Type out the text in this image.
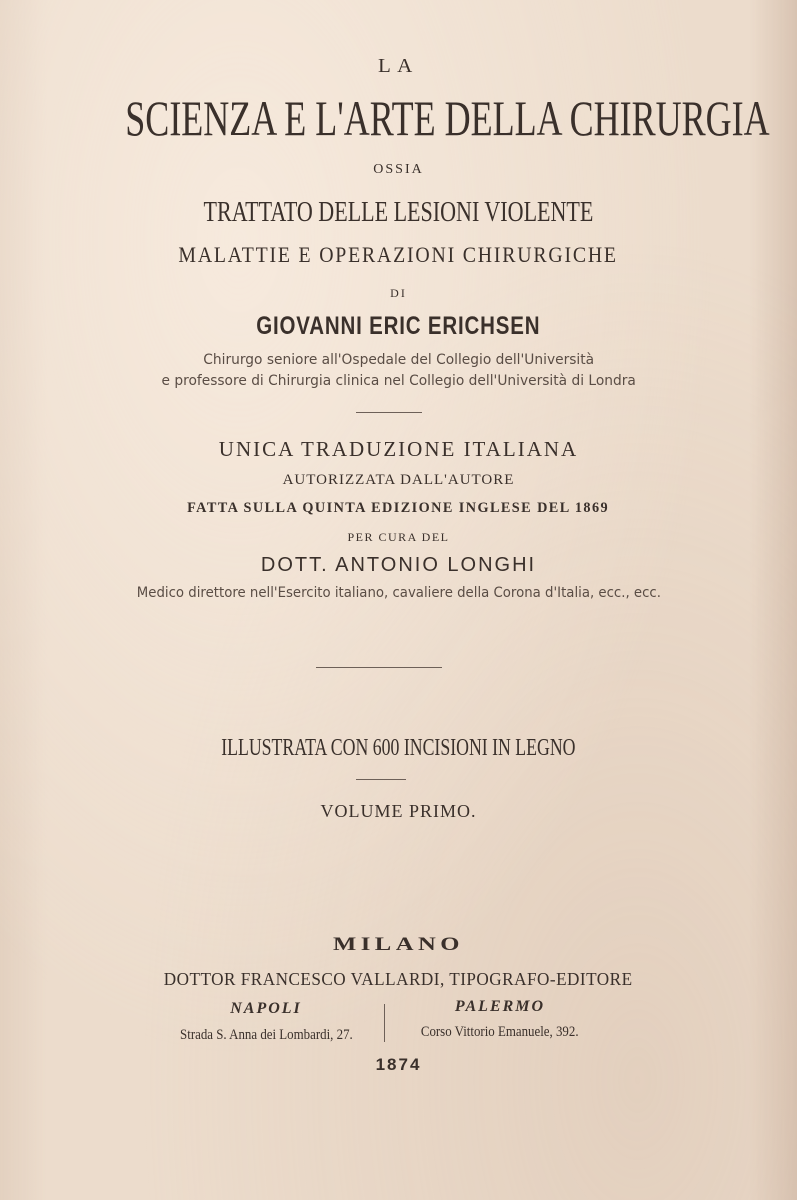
LA

SCIENZA E L'ARTE DELLA CHIRURGIA

OSSIA

TRATTATO DELLE LESIONI VIOLENTE
MALATTIE E OPERAZIONI CHIRURGICHE

DI

GIOVANNI ERIC ERICHSEN

Chirurgo seniore all'Ospedale del Collegio dell'Università

e professore di Chirurgia clinica nel Collegio dell'Università di Londra

UNICA TRADUZIONE ITALIANA

AUTORIZZATA DALL'AUTORE

FATTA SULLA QUINTA EDIZIONE INGLESE DEL 1869

PER CURA DEL

DOTT. ANTONIO LONGHI

Medico direttore nell'Esercito italiano, cavaliere della Corona d'Italia, ecc., ecc.

ILLUSTRATA CON 600 INCISIONI IN LEGNO

VOLUME PRIMO.

MILANO

DOTTOR FRANCESCO VALLARDI, TIPOGRAFO-EDITORE

NAPOLI
Strada S. Anna dei Lombardi, 27.
PALERMO
Corso Vittorio Emanuele, 392.

1874
